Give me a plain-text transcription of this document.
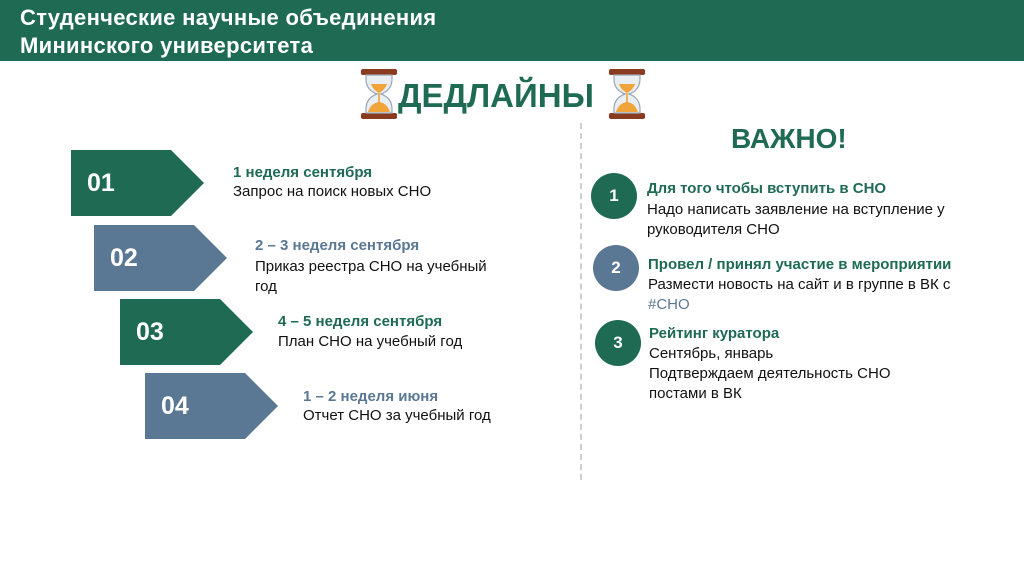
Студенческие научные объединения
Мининского университета
ДЕДЛАЙНЫ
01	1 неделя сентября
Запрос на поиск новых СНО
02	2 – 3 неделя сентября
Приказ реестра СНО на учебный
год
03	4 – 5 неделя сентября
План СНО на учебный год
04	1 – 2 неделя июня
Отчет СНО за учебный год
ВАЖНО!
1	Для того чтобы вступить в СНО
Надо написать заявление на вступление у
руководителя СНО
2	Провел / принял участие в мероприятии
Размести новость на сайт и в группе в ВК с
#СНО
3	Рейтинг куратора
Сентябрь, январь
Подтверждаем деятельность СНО
постами в ВК
